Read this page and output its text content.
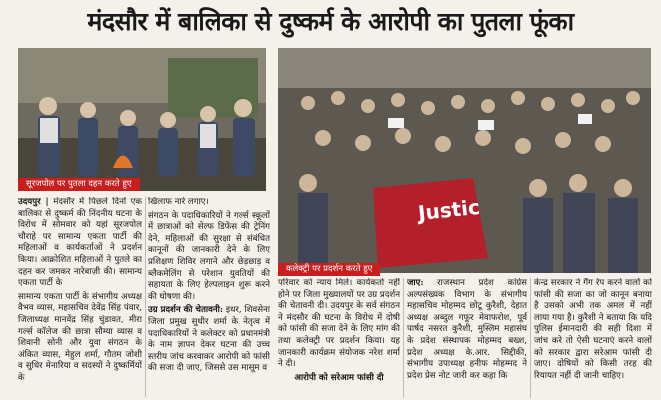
मंदसौर में बालिका से दुष्कर्म के आरोपी का पुतला फूंका
सूरजपोल पर पुतला दहन करते हुए
Justic
कलेक्ट्री पर प्रदर्शन करते हुए

उदयपुर | मंदसौर में पिछले दिनों एक बालिका से दुष्कर्म की निंदनीय घटना के विरोध में सोमवार को यहां सूरजपोल चौराहे पर सामान्य एकता पार्टी की महिलाओं व कार्यकर्ताओं ने प्रदर्शन किया। आक्रोशित महिलाओं ने पुतले का दहन कर जमकर नारेबाज़ी की। सामान्य एकता पार्टी के

सामान्य एकता पार्टी के संभागीय अध्यक्ष वैभव व्यास, महासचिव देवेंद्र सिंह पंवार, जिलाध्यक्ष मानवेंद्र सिंह चुंडावत, मीरा गर्ल्स कॉलेज की छात्रा सौम्या व्यास व शिवानी सोनी और युवा संगठन के अंकित व्यास, मेहुल शर्मा, गौतम जोशी व सुधिर मेनारिया व सदस्यों ने दुष्कर्मियों के

खिलाफ नारे लगाए।

संगठन के पदाधिकारियों ने गर्ल्स स्कूलों में छात्राओं को सेल्फ डिफेंस की ट्रेनिंग देने, महिलाओं की सुरक्षा से संबंधित कानूनों की जानकारी देने के लिए प्रशिक्षण शिविर लगाने और छेड़छाड़ व ब्लैकमेलिंग से परेशान युवतियों की सहायता के लिए हेल्पलाइन शुरू करने की घोषणा की।

उग्र प्रदर्शन की चेतावनी: इधर, शिवसेना जिला प्रमुख सुधीर शर्मा के नेतृत्व में पदाधिकारियों ने कलेक्टर को प्रधानमंत्री के नाम ज्ञापन देकर घटना की उच्च स्तरीय जांच करवाकर आरोपी को फांसी की सजा दी जाए, जिससे उस मासूम व

परिवार को न्याय मिले। कार्यकर्ता नहीं होने पर जिला मुख्यालयों पर उग्र प्रदर्शन की चेतावनी दी। उदयपुर के सर्व संगठन ने मंदसौर की घटना के विरोध में दोषी को फांसी की सजा देने के लिए मांग की तथा कलेक्ट्री पर प्रदर्शन किया। यह जानकारी कार्यक्रम संयोजक नरेश शर्मा ने दी।

आरोपी को सरेआम फांसी दी

जाए: राजस्थान प्रदेश कांग्रेस अल्पसंख्यक विभाग के संभागीय महासचिव मोहम्मद छोटू कुरैशी, देहात अध्यक्ष अब्दुल गफूर मेवाफरोश, पूर्व पार्षद नसरत कुरैशी, मुस्लिम महासंघ के प्रदेश संस्थापक मोहम्मद बख्श, प्रदेश अध्यक्ष के.आर. सिद्दीकी, संभागीय उपाध्यक्ष हनीफ मोहम्मद ने प्रदेश प्रेस नोट जारी कर कहा कि

केन्द्र सरकार ने गैंग रेप करने वालों को फांसी की सजा का जो कानून बनाया है उसको अभी तक अमल में नहीं लाया गया है। कुरैशी ने बताया कि यदि पुलिस ईमानदारी की सही दिशा में जांच करे तो ऐसी घटनाएं करने वालों को सरकार द्वारा सरेआम फांसी दी जाए। दोषियों को किसी तरह की रियायत नहीं दी जानी चाहिए।
